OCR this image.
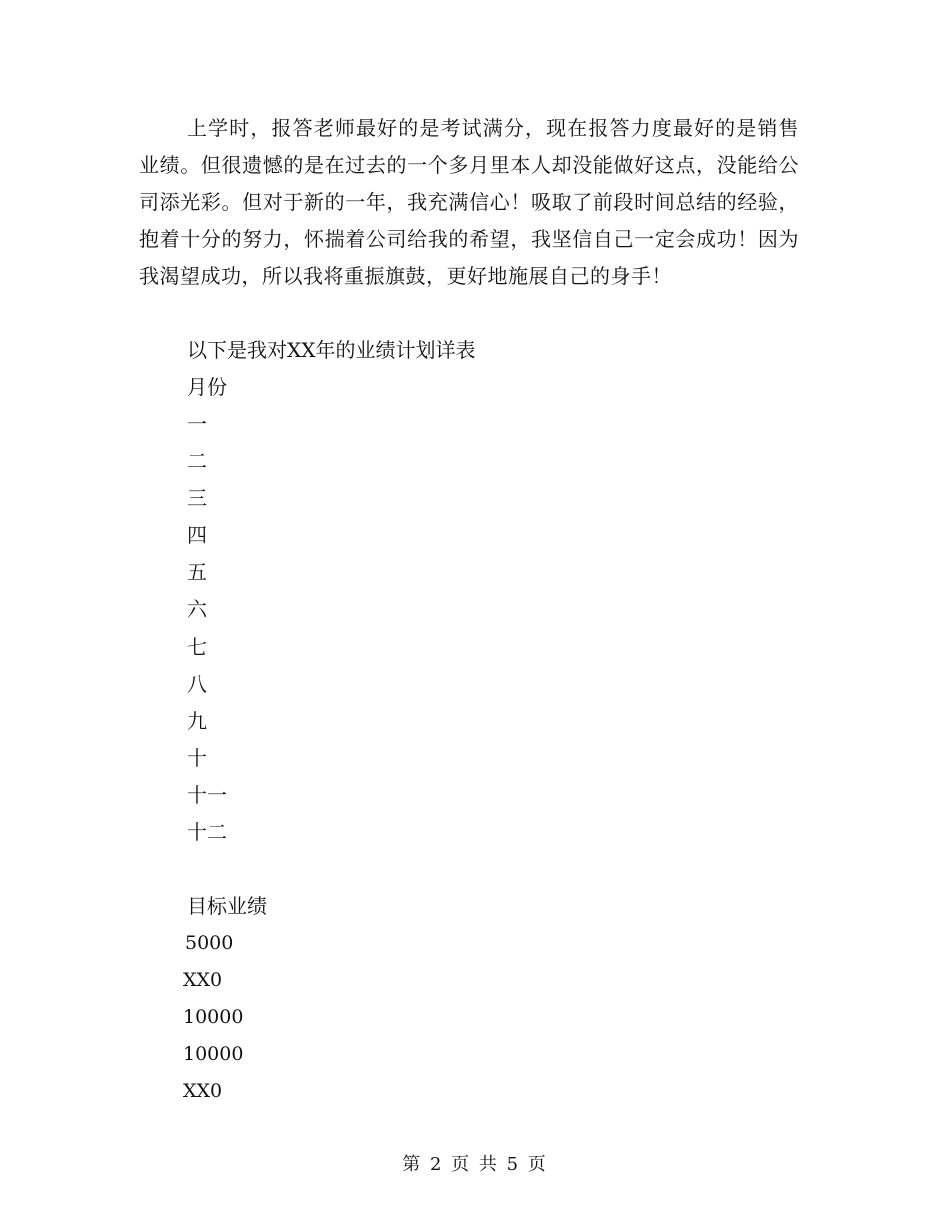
上学时，报答老师最好的是考试满分，现在报答力度最好的是销售业绩。但很遗憾的是在过去的一个多月里本人却没能做好这点，没能给公司添光彩。但对于新的一年，我充满信心！吸取了前段时间总结的经验，抱着十分的努力，怀揣着公司给我的希望，我坚信自己一定会成功！因为我渴望成功，所以我将重振旗鼓，更好地施展自己的身手！

以下是我对XX年的业绩计划详表
月份
一
二
三
四
五
六
七
八
九
十
十一
十二
目标业绩
5000
XX0
10000
10000
XX0
第 2 页 共 5 页
